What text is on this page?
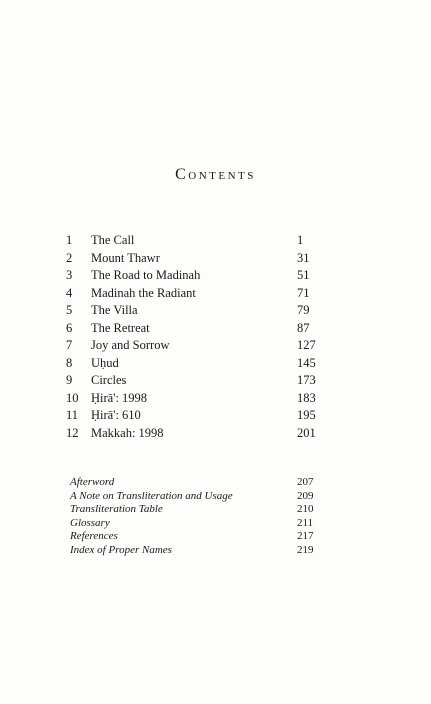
Contents
1 The Call	1
2 Mount Thawr	31
3 The Road to Madinah	51
4 Madinah the Radiant	71
5 The Villa	79
6 The Retreat	87
7 Joy and Sorrow	127
8 Uḥud	145
9 Circles	173
10 Ḥirā': 1998	183
11 Ḥirā': 610	195
12 Makkah: 1998	201
Afterword	207
A Note on Transliteration and Usage	209
Transliteration Table	210
Glossary	211
References	217
Index of Proper Names	219
